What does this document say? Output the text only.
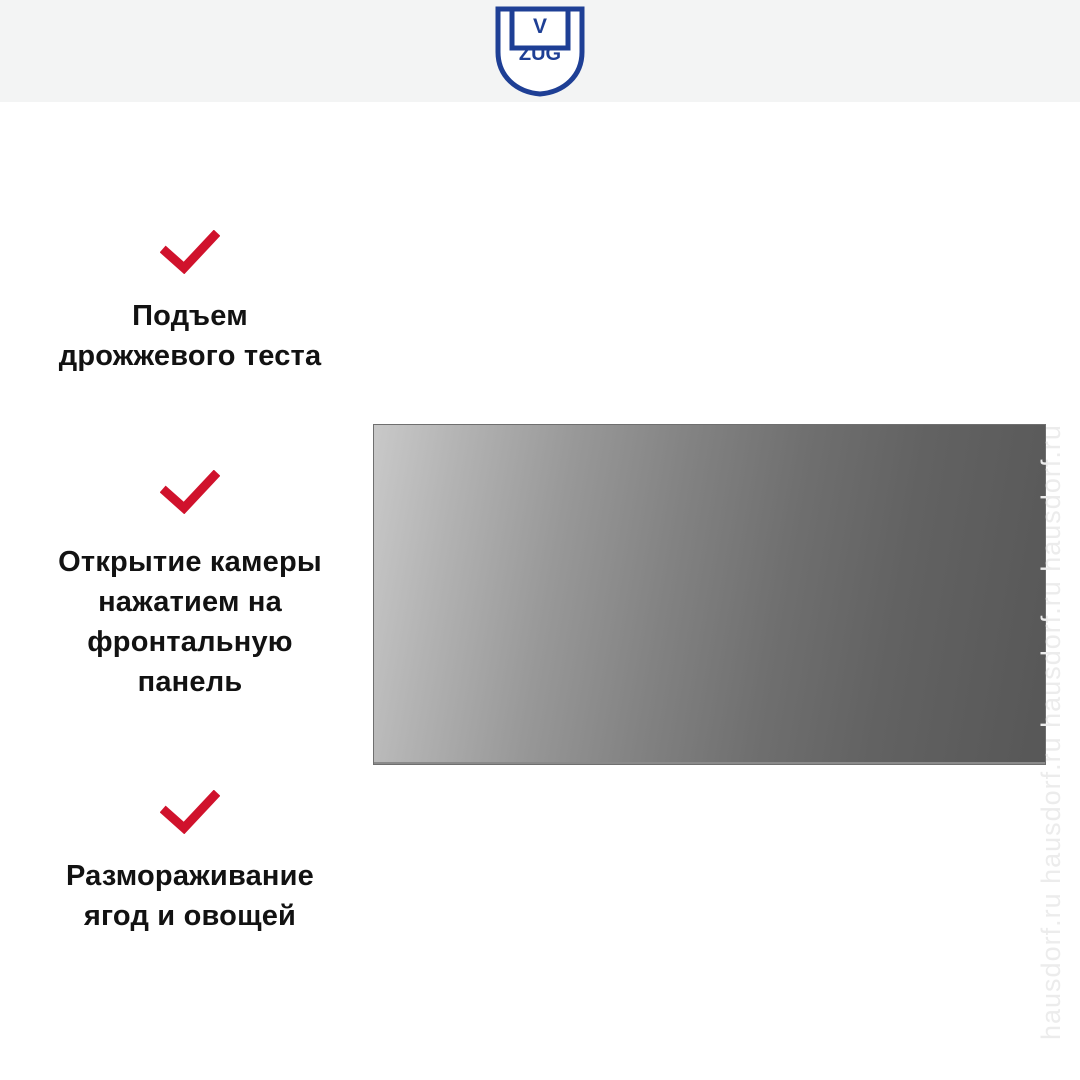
V
ZUG
Подъем
дрожжевого теста
Открытие камеры
нажатием на
фронтальную
панель
Размораживание
ягод и овощей	hausdorf.ru hausdorf.ru hausdorf.ru hausdorf.ru
